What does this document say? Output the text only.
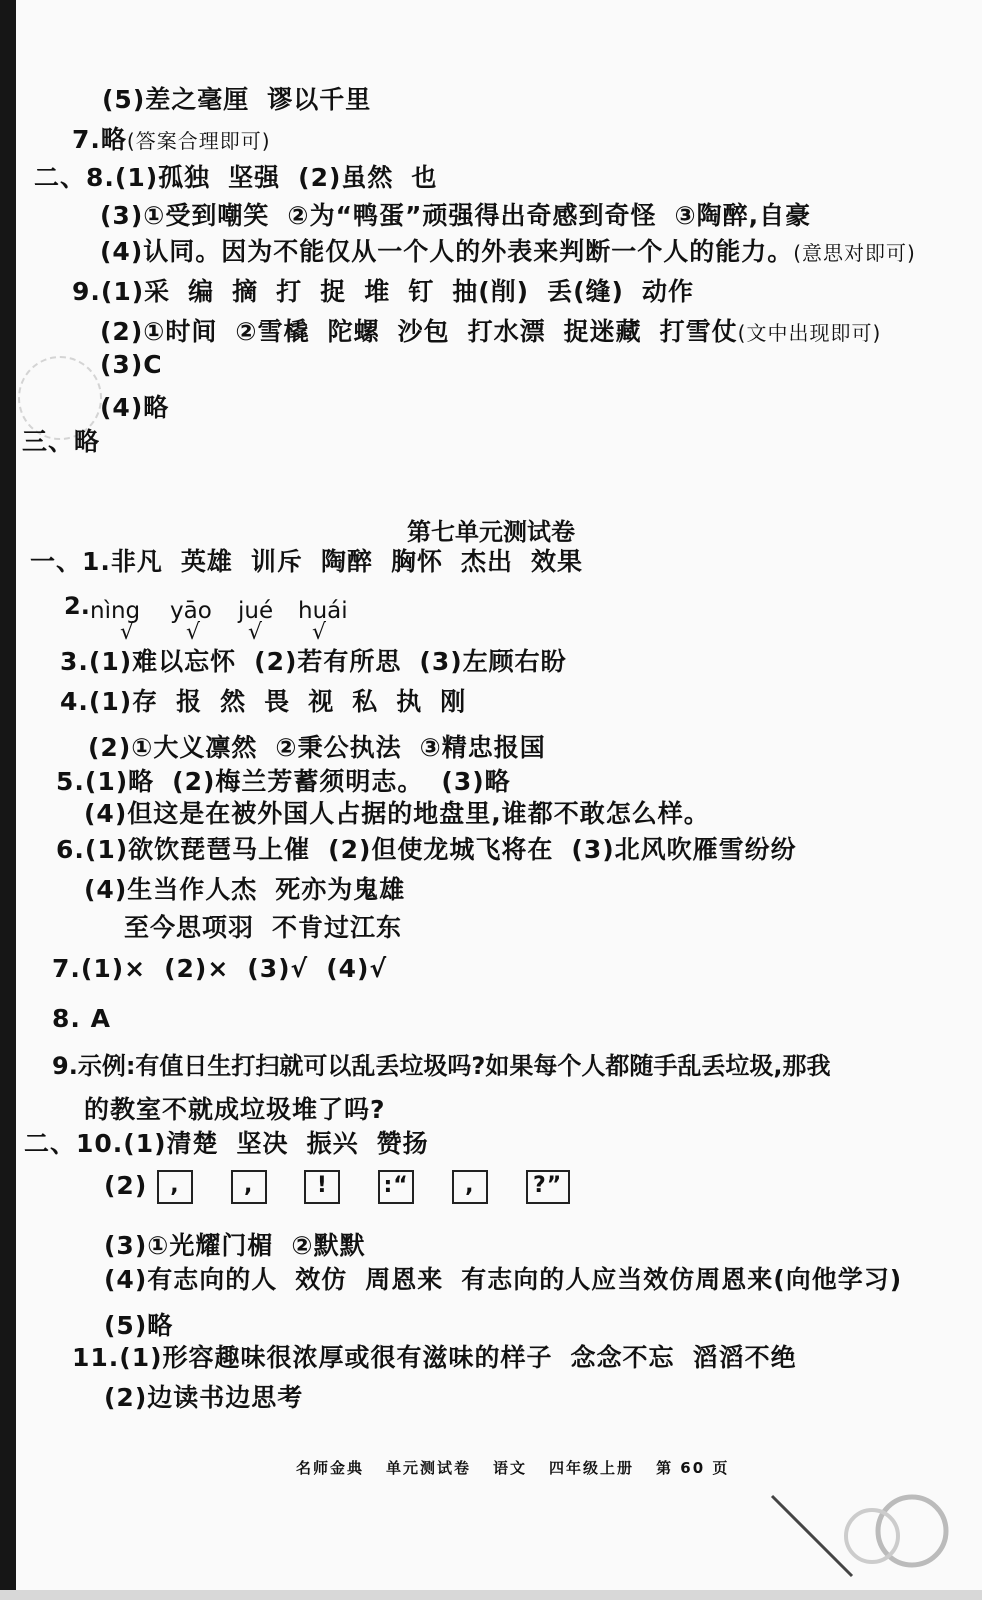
(5)差之毫厘 谬以千里
7.略(答案合理即可)
二、8.(1)孤独 坚强 (2)虽然 也
(3)①受到嘲笑 ②为“鸭蛋”顽强得出奇感到奇怪 ③陶醉,自豪
(4)认同。因为不能仅从一个人的外表来判断一个人的能力。(意思对即可)
9.(1)采 编 摘 打 捉 堆 钉 抽(削) 丢(缝) 动作
(2)①时间 ②雪橇 陀螺 沙包 打水漂 捉迷藏 打雪仗(文中出现即可)
(3)C
(4)略
三、略
第七单元测试卷
一、1.非凡 英雄 训斥 陶醉 胸怀 杰出 效果
2. nìng yāo jué huái
√ √ √ √
3.(1)难以忘怀 (2)若有所思 (3)左顾右盼
4.(1)存 报 然 畏 视 私 执 刚
(2)①大义凛然 ②秉公执法 ③精忠报国
5.(1)略 (2)梅兰芳蓄须明志。 (3)略
(4)但这是在被外国人占据的地盘里,谁都不敢怎么样。
6.(1)欲饮琵琶马上催 (2)但使龙城飞将在 (3)北风吹雁雪纷纷
(4)生当作人杰 死亦为鬼雄
至今思项羽 不肯过江东
7.(1)× (2)× (3)√ (4)√
8. A
9.示例:有值日生打扫就可以乱丢垃圾吗?如果每个人都随手乱丢垃圾,那我
的教室不就成垃圾堆了吗?
二、10.(1)清楚 坚决 振兴 赞扬
(2) ,	,	!	:“	,	?”
(3)①光耀门楣 ②默默
(4)有志向的人 效仿 周恩来 有志向的人应当效仿周恩来(向他学习)
(5)略
11.(1)形容趣味很浓厚或很有滋味的样子 念念不忘 滔滔不绝
(2)边读书边思考
名师金典 单元测试卷 语文 四年级上册 第 60 页
